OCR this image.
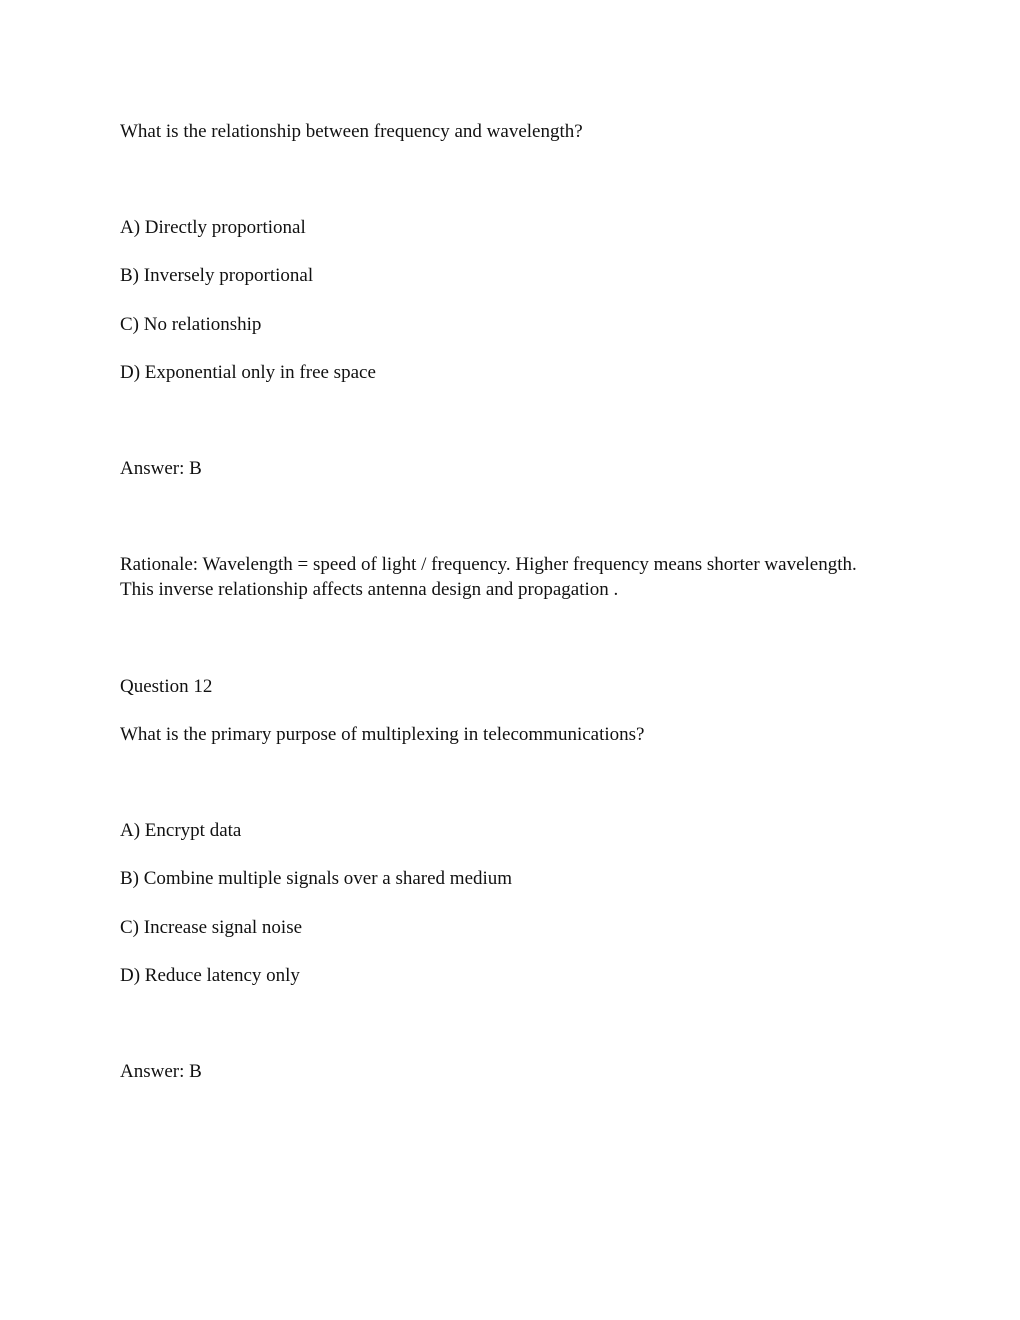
What is the relationship between frequency and wavelength?
A) Directly proportional
B) Inversely proportional
C) No relationship
D) Exponential only in free space
Answer: B
Rationale: Wavelength = speed of light / frequency. Higher frequency means shorter wavelength.
This inverse relationship affects antenna design and propagation .
Question 12
What is the primary purpose of multiplexing in telecommunications?
A) Encrypt data
B) Combine multiple signals over a shared medium
C) Increase signal noise
D) Reduce latency only
Answer: B
